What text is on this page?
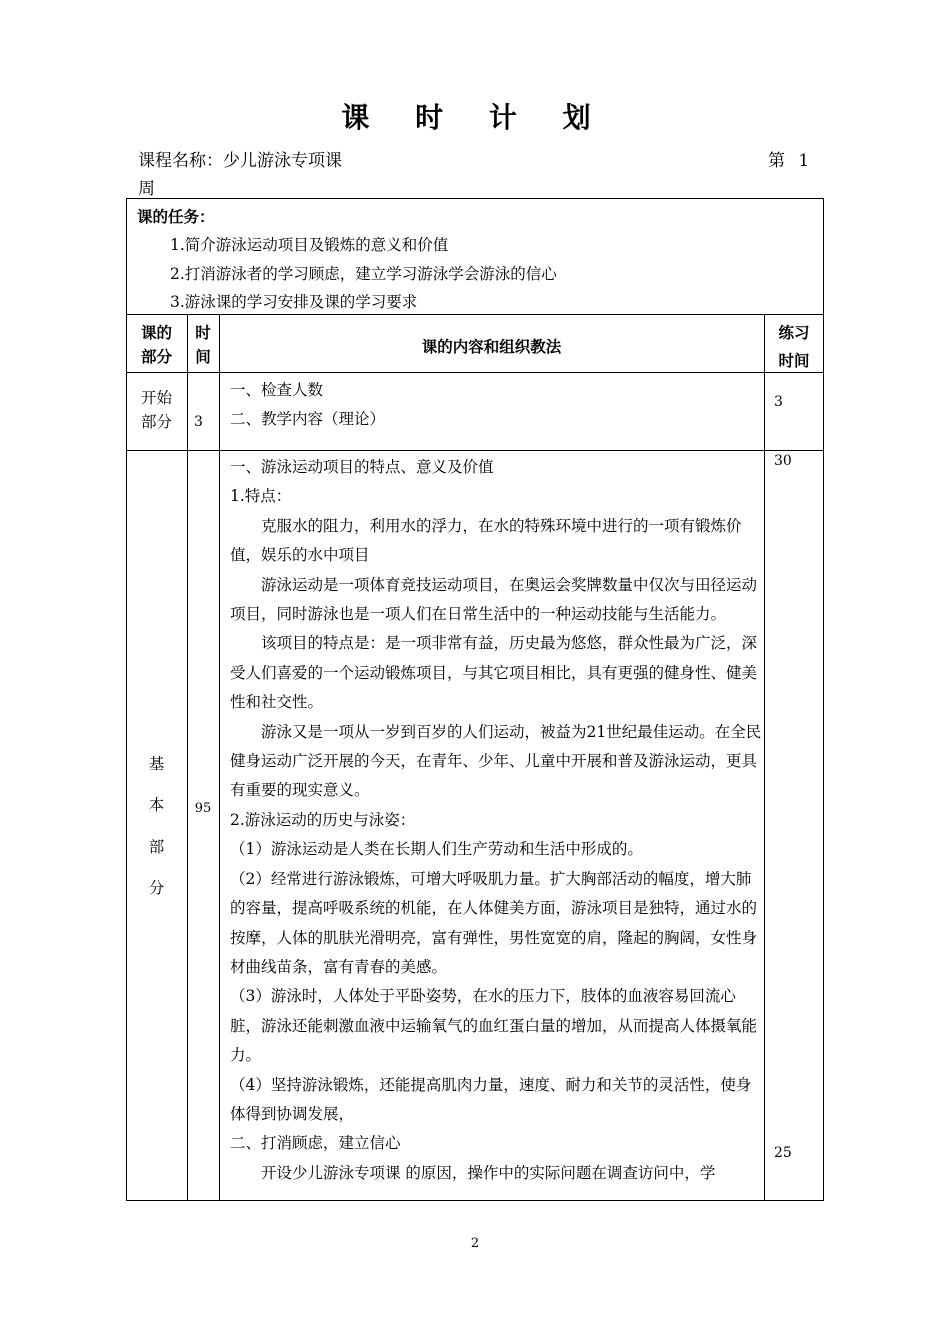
课 时 计 划
课程名称：少儿游泳专项课	第 1
周
课的任务：
1.简介游泳运动项目及锻炼的意义和价值
2.打消游泳者的学习顾虑，建立学习游泳学会游泳的信心
3.游泳课的学习安排及课的学习要求
课的
部分
时
间
课的内容和组织教法
练习
时间
开始
部分	3
一、检查人数
二、教学内容（理论）
3
基
本
部
分
95
30
25

一、游泳运动项目的特点、意义及价值

1.特点：

克服水的阻力，利用水的浮力，在水的特殊环境中进行的一项有锻炼价值，娱乐的水中项目

游泳运动是一项体育竞技运动项目，在奥运会奖牌数量中仅次与田径运动项目，同时游泳也是一项人们在日常生活中的一种运动技能与生活能力。

该项目的特点是：是一项非常有益，历史最为悠悠，群众性最为广泛，深受人们喜爱的一个运动锻炼项目，与其它项目相比，具有更强的健身性、健美性和社交性。

游泳又是一项从一岁到百岁的人们运动，被益为21世纪最佳运动。在全民健身运动广泛开展的今天，在青年、少年、儿童中开展和普及游泳运动，更具有重要的现实意义。

2.游泳运动的历史与泳姿：

（1）游泳运动是人类在长期人们生产劳动和生活中形成的。

（2）经常进行游泳锻炼，可增大呼吸肌力量。扩大胸部活动的幅度，增大肺的容量，提高呼吸系统的机能，在人体健美方面，游泳项目是独特，通过水的按摩，人体的肌肤光滑明亮，富有弹性，男性宽宽的肩，隆起的胸阔，女性身材曲线苗条，富有青春的美感。

（3）游泳时，人体处于平卧姿势，在水的压力下，肢体的血液容易回流心脏，游泳还能刺激血液中运输氧气的血红蛋白量的增加，从而提高人体摄氧能力。

（4）坚持游泳锻炼，还能提高肌肉力量，速度、耐力和关节的灵活性，使身体得到协调发展，

二、打消顾虑，建立信心

开设少儿游泳专项课 的原因，操作中的实际问题在调查访问中，学

2
